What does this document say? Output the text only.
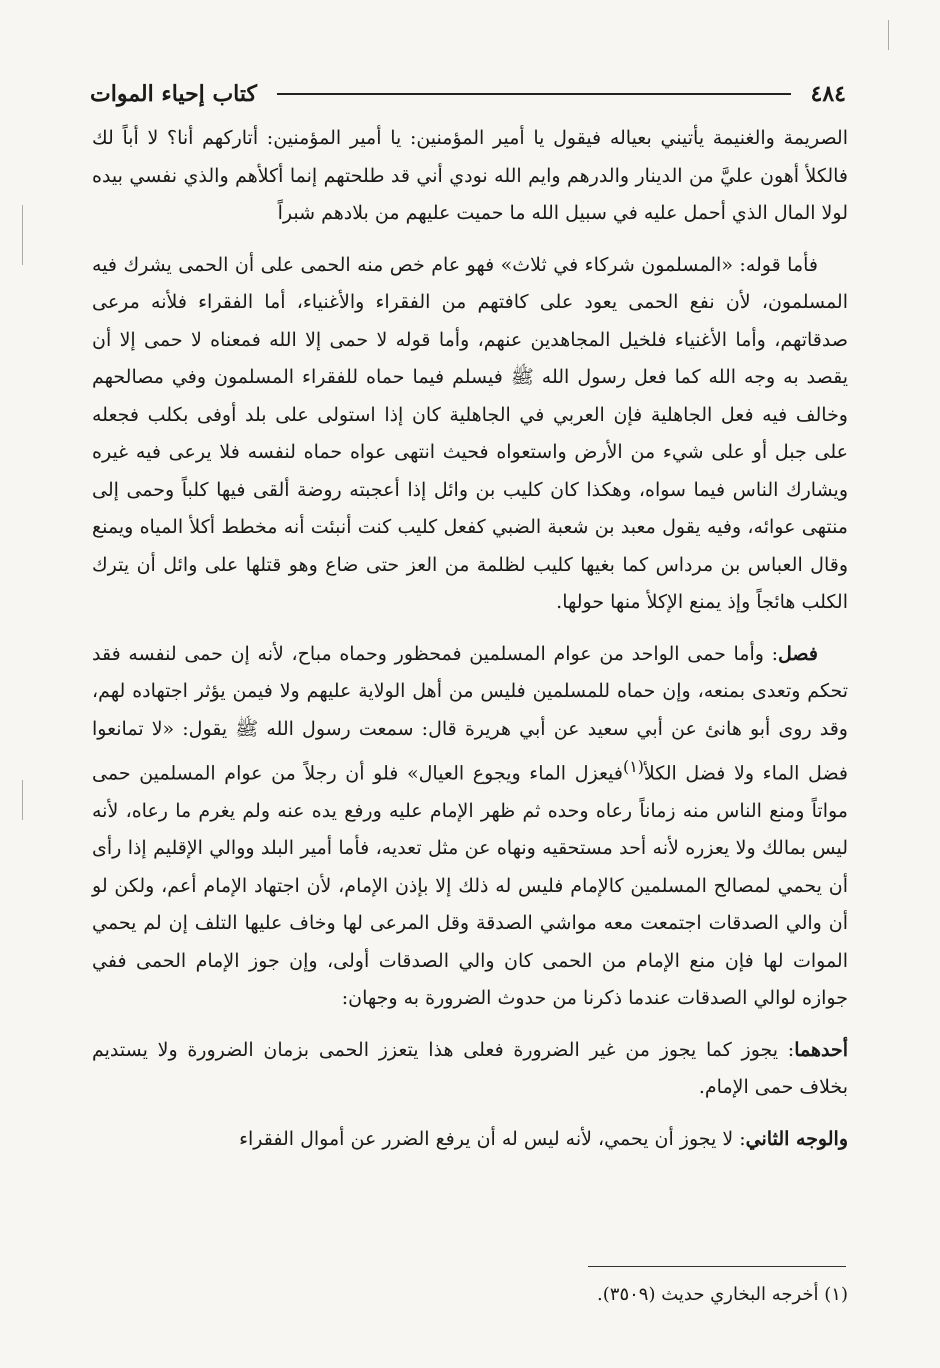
٤٨٤
كتاب إحياء الموات

الصريمة والغنيمة يأتيني بعياله فيقول يا أمير المؤمنين: يا أمير المؤمنين: أتاركهم أنا؟ لا أباً لك فالكلأ أهون عليَّ من الدينار والدرهم وايم الله نودي أني قد طلحتهم إنما أكلأهم والذي نفسي بيده لولا المال الذي أحمل عليه في سبيل الله ما حميت عليهم من بلادهم شبراً

فأما قوله: «المسلمون شركاء في ثلاث» فهو عام خص منه الحمى على أن الحمى يشرك فيه المسلمون، لأن نفع الحمى يعود على كافتهم من الفقراء والأغنياء، أما الفقراء فلأنه مرعى صدقاتهم، وأما الأغنياء فلخيل المجاهدين عنهم، وأما قوله لا حمى إلا الله فمعناه لا حمى إلا أن يقصد به وجه الله كما فعل رسول الله ﷺ فيسلم فيما حماه للفقراء المسلمون وفي مصالحهم وخالف فيه فعل الجاهلية فإن العربي في الجاهلية كان إذا استولى على بلد أوفى بكلب فجعله على جبل أو على شيء من الأرض واستعواه فحيث انتهى عواه حماه لنفسه فلا يرعى فيه غيره ويشارك الناس فيما سواه، وهكذا كان كليب بن وائل إذا أعجبته روضة ألقى فيها كلباً وحمى إلى منتهى عوائه، وفيه يقول معبد بن شعبة الضبي كفعل كليب كنت أنبئت أنه مخطط أكلأ المياه ويمنع وقال العباس بن مرداس كما بغيها كليب لظلمة من العز حتى ضاع وهو قتلها على وائل أن يترك الكلب هائجاً وإذ يمنع الإكلأ منها حولها.

فصل: وأما حمى الواحد من عوام المسلمين فمحظور وحماه مباح، لأنه إن حمى لنفسه فقد تحكم وتعدى بمنعه، وإن حماه للمسلمين فليس من أهل الولاية عليهم ولا فيمن يؤثر اجتهاده لهم، وقد روى أبو هانئ عن أبي سعيد عن أبي هريرة قال: سمعت رسول الله ﷺ يقول: «لا تمانعوا فضل الماء ولا فضل الكلأ$^{(١)}$فيعزل الماء ويجوع العيال» فلو أن رجلاً من عوام المسلمين حمى مواتاً ومنع الناس منه زماناً رعاه وحده ثم ظهر الإمام عليه ورفع يده عنه ولم يغرم ما رعاه، لأنه ليس بمالك ولا يعزره لأنه أحد مستحقيه ونهاه عن مثل تعديه، فأما أمير البلد ووالي الإقليم إذا رأى أن يحمي لمصالح المسلمين كالإمام فليس له ذلك إلا بإذن الإمام، لأن اجتهاد الإمام أعم، ولكن لو أن والي الصدقات اجتمعت معه مواشي الصدقة وقل المرعى لها وخاف عليها التلف إن لم يحمي الموات لها فإن منع الإمام من الحمى كان والي الصدقات أولى، وإن جوز الإمام الحمى ففي جوازه لوالي الصدقات عندما ذكرنا من حدوث الضرورة به وجهان:

أحدهما: يجوز كما يجوز من غير الضرورة فعلى هذا يتعزز الحمى بزمان الضرورة ولا يستديم بخلاف حمى الإمام.

والوجه الثاني: لا يجوز أن يحمي، لأنه ليس له أن يرفع الضرر عن أموال الفقراء

(١) أخرجه البخاري حديث (٣٥٠٩).
